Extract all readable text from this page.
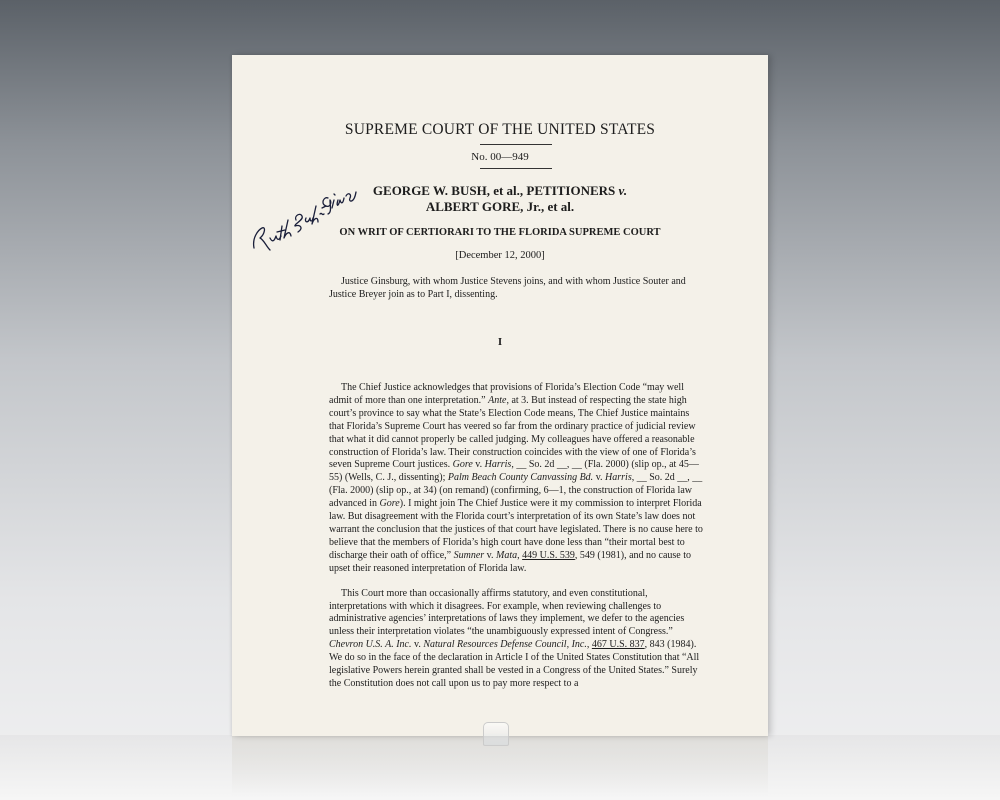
SUPREME COURT OF THE UNITED STATES
No. 00—949
GEORGE W. BUSH, et al., PETITIONERS v.
ALBERT GORE, Jr., et al.
ON WRIT OF CERTIORARI TO THE FLORIDA SUPREME COURT
[December 12, 2000]
Justice Ginsburg, with whom Justice Stevens joins, and with whom Justice Souter and Justice Breyer join as to Part I, dissenting.
I

The Chief Justice acknowledges that provisions of Florida’s Election Code “may well admit of more than one interpretation.” Ante, at 3. But instead of respecting the state high court’s province to say what the State’s Election Code means, The Chief Justice maintains that Florida’s Supreme Court has veered so far from the ordinary practice of judicial review that what it did cannot properly be called judging. My colleagues have offered a reasonable construction of Florida’s law. Their construction coincides with the view of one of Florida’s seven Supreme Court justices. Gore v. Harris, __ So. 2d __, __ (Fla. 2000) (slip op., at 45—55) (Wells, C. J., dissenting); Palm Beach County Canvassing Bd. v. Harris, __ So. 2d __, __ (Fla. 2000) (slip op., at 34) (on remand) (confirming, 6—1, the construction of Florida law advanced in Gore). I might join The Chief Justice were it my commission to interpret Florida law. But disagreement with the Florida court’s interpretation of its own State’s law does not warrant the conclusion that the justices of that court have legislated. There is no cause here to believe that the members of Florida’s high court have done less than “their mortal best to discharge their oath of office,” Sumner v. Mata, 449 U.S. 539, 549 (1981), and no cause to upset their reasoned interpretation of Florida law.

This Court more than occasionally affirms statutory, and even constitutional, interpretations with which it disagrees. For example, when reviewing challenges to administrative agencies’ interpretations of laws they implement, we defer to the agencies unless their interpretation violates “the unambiguously expressed intent of Congress.” Chevron U.S. A. Inc. v. Natural Resources Defense Council, Inc., 467 U.S. 837, 843 (1984). We do so in the face of the declaration in Article I of the United States Constitution that “All legislative Powers herein granted shall be vested in a Congress of the United States.” Surely the Constitution does not call upon us to pay more respect to a
